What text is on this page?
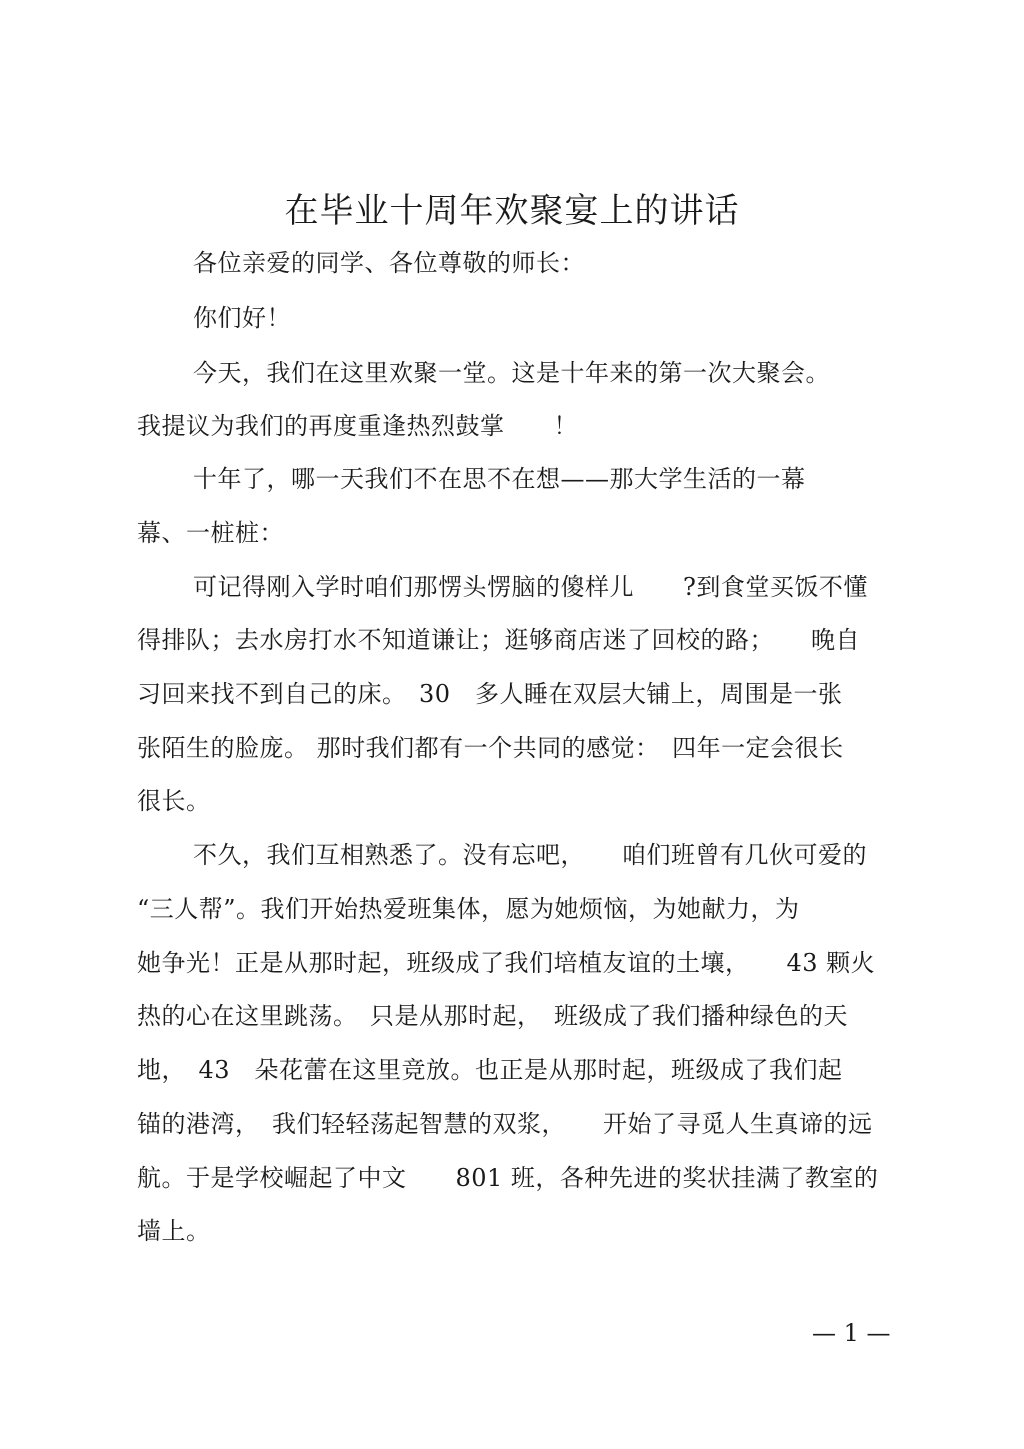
在毕业十周年欢聚宴上的讲话
各位亲爱的同学、各位尊敬的师长：
你们好！
今天，我们在这里欢聚一堂。这是十年来的第一次大聚会。
我提议为我们的再度重逢热烈鼓掌　　！
十年了，哪一天我们不在思不在想——那大学生活的一幕
幕、一桩桩：
可记得刚入学时咱们那愣头愣脑的傻样儿　　?到食堂买饭不懂
得排队；去水房打水不知道谦让；逛够商店迷了回校的路；　　晚自
习回来找不到自己的床。　30　多人睡在双层大铺上，周围是一张
张陌生的脸庞。 那时我们都有一个共同的感觉：　四年一定会很长
很长。
不久，我们互相熟悉了。没有忘吧，　　咱们班曾有几伙可爱的
“三人帮”。我们开始热爱班集体，愿为她烦恼，为她献力，为
她争光！正是从那时起，班级成了我们培植友谊的土壤，　　43 颗火
热的心在这里跳荡。　只是从那时起，　班级成了我们播种绿色的天
地，　43　朵花蕾在这里竞放。也正是从那时起，班级成了我们起
锚的港湾，　我们轻轻荡起智慧的双浆，　　开始了寻觅人生真谛的远
航。于是学校崛起了中文　　801 班，各种先进的奖状挂满了教室的
墙上。
— 1 —
